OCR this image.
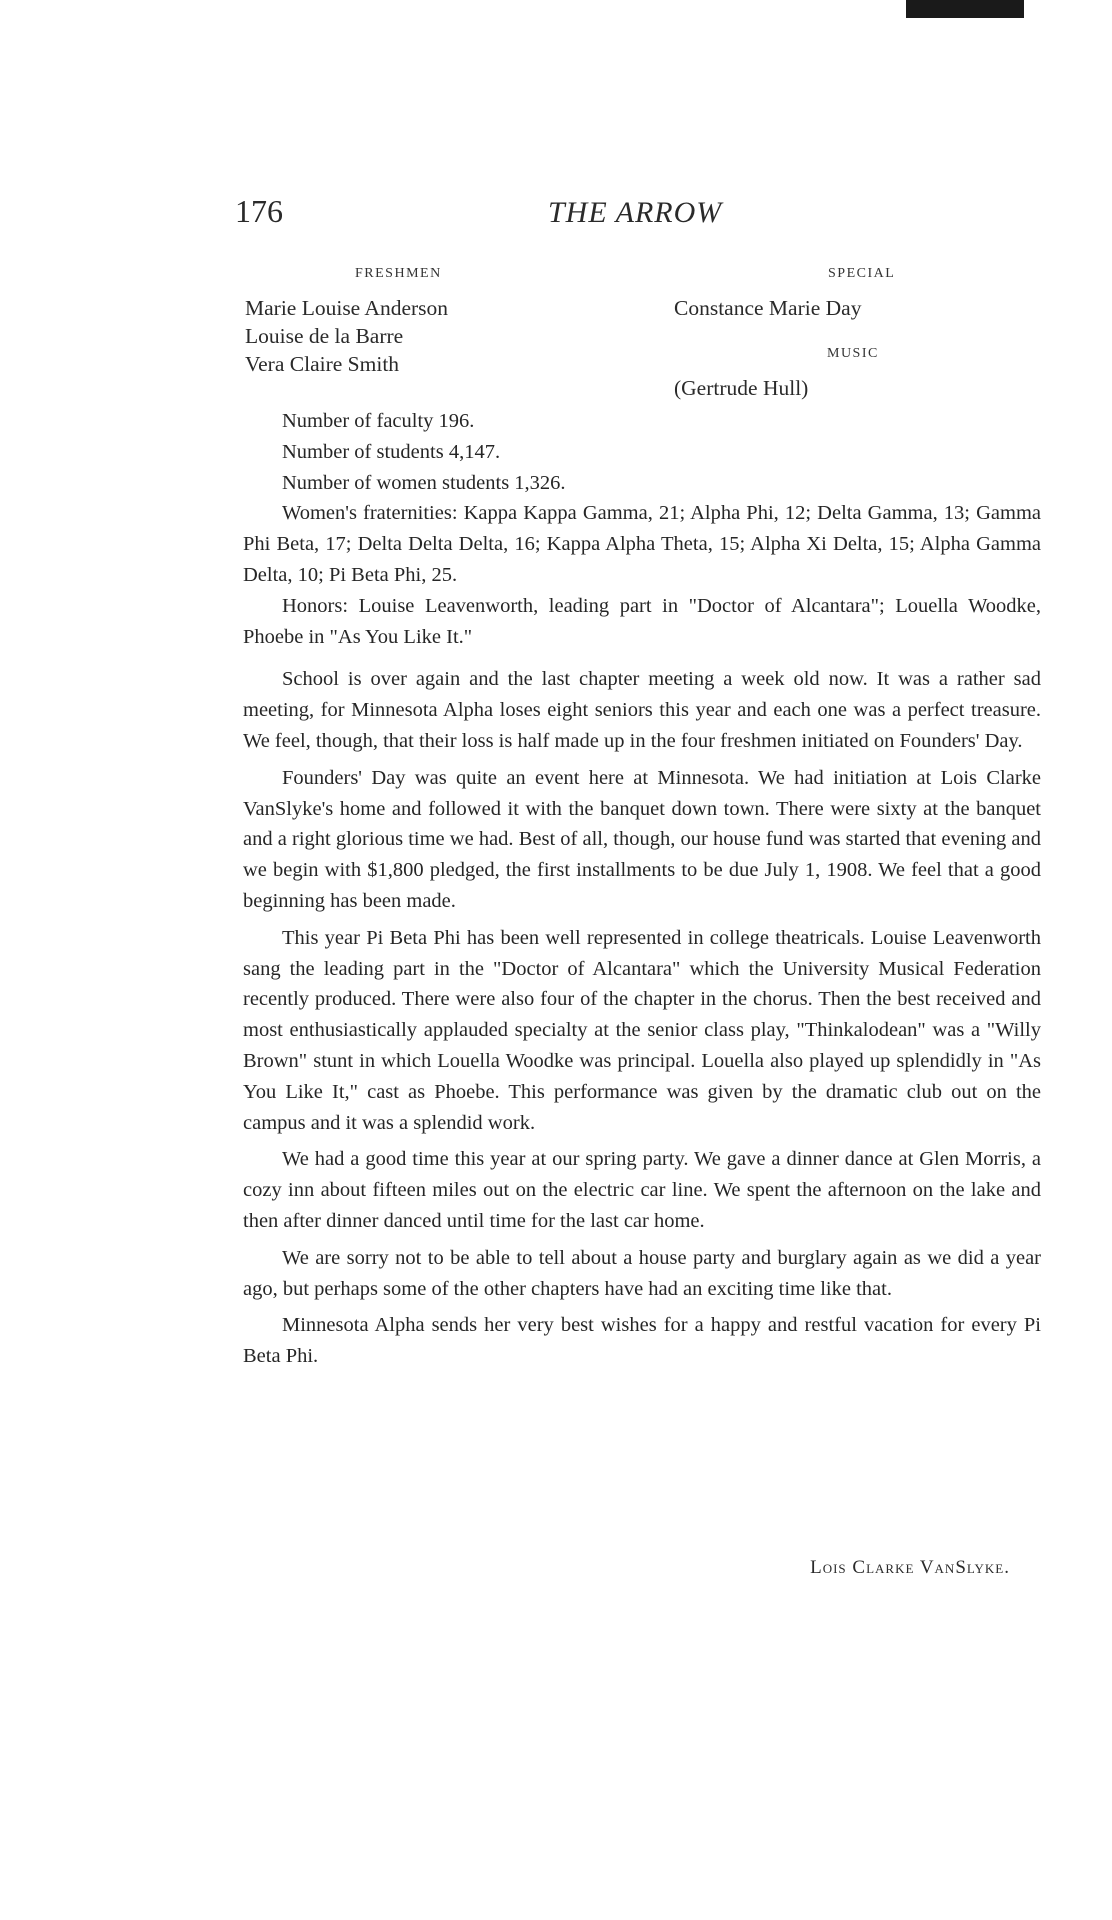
176	THE ARROW
FRESHMEN
Marie Louise Anderson
Louise de la Barre
Vera Claire Smith
SPECIAL
Constance Marie Day
MUSIC
(Gertrude Hull)
Number of faculty 196.
Number of students 4,147.
Number of women students 1,326.

Women's fraternities: Kappa Kappa Gamma, 21; Alpha Phi, 12; Delta Gamma, 13; Gamma Phi Beta, 17; Delta Delta Delta, 16; Kappa Alpha Theta, 15; Alpha Xi Delta, 15; Alpha Gamma Delta, 10; Pi Beta Phi, 25.

Honors: Louise Leavenworth, leading part in "Doctor of Alcantara"; Louella Woodke, Phoebe in "As You Like It."

School is over again and the last chapter meeting a week old now. It was a rather sad meeting, for Minnesota Alpha loses eight seniors this year and each one was a perfect treasure. We feel, though, that their loss is half made up in the four freshmen initiated on Founders' Day.

Founders' Day was quite an event here at Minnesota. We had initiation at Lois Clarke VanSlyke's home and followed it with the banquet down town. There were sixty at the banquet and a right glorious time we had. Best of all, though, our house fund was started that evening and we begin with $1,800 pledged, the first installments to be due July 1, 1908. We feel that a good beginning has been made.

This year Pi Beta Phi has been well represented in college theatricals. Louise Leavenworth sang the leading part in the "Doctor of Alcantara" which the University Musical Federation recently produced. There were also four of the chapter in the chorus. Then the best received and most enthusiastically applauded specialty at the senior class play, "Thinkalodean" was a "Willy Brown" stunt in which Louella Woodke was principal. Louella also played up splendidly in "As You Like It," cast as Phoebe. This performance was given by the dramatic club out on the campus and it was a splendid work.

We had a good time this year at our spring party. We gave a dinner dance at Glen Morris, a cozy inn about fifteen miles out on the electric car line. We spent the afternoon on the lake and then after dinner danced until time for the last car home.

We are sorry not to be able to tell about a house party and burglary again as we did a year ago, but perhaps some of the other chapters have had an exciting time like that.

Minnesota Alpha sends her very best wishes for a happy and restful vacation for every Pi Beta Phi.

Lois Clarke VanSlyke.
